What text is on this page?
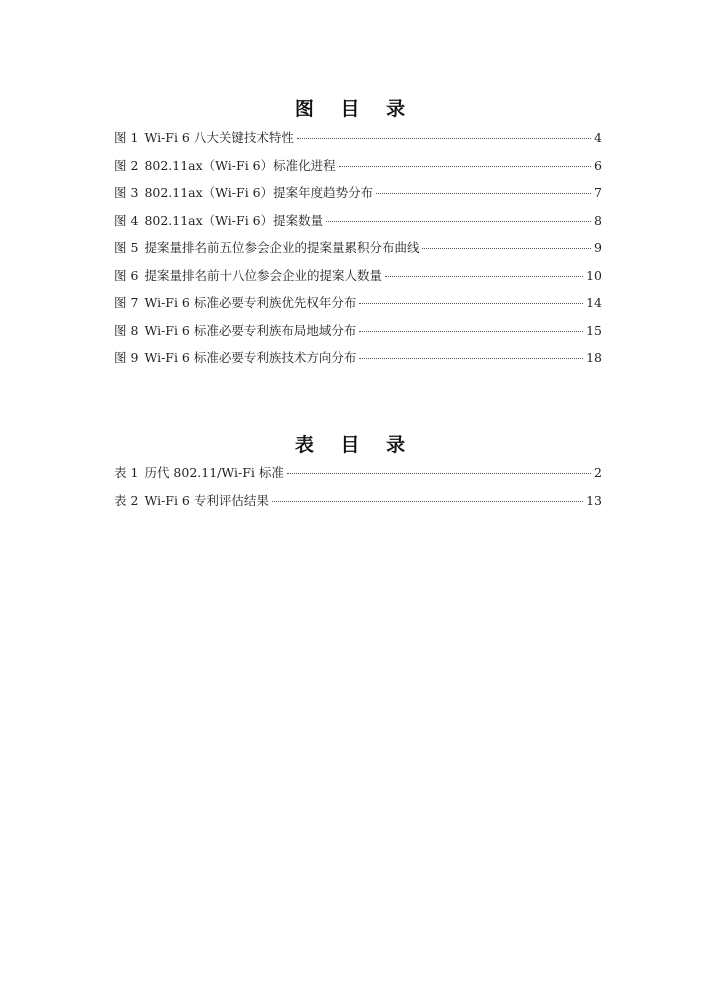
图 目 录
图 1 Wi-Fi 6 八大关键技术特性	4
图 2 802.11ax（Wi-Fi 6）标准化进程	6
图 3 802.11ax（Wi-Fi 6）提案年度趋势分布	7
图 4 802.11ax（Wi-Fi 6）提案数量	8
图 5 提案量排名前五位参会企业的提案量累积分布曲线	9
图 6 提案量排名前十八位参会企业的提案人数量	10
图 7 Wi-Fi 6 标准必要专利族优先权年分布	14
图 8 Wi-Fi 6 标准必要专利族布局地域分布	15
图 9 Wi-Fi 6 标准必要专利族技术方向分布	18
表 目 录
表 1 历代 802.11/Wi-Fi 标准	2
表 2 Wi-Fi 6 专利评估结果	13
